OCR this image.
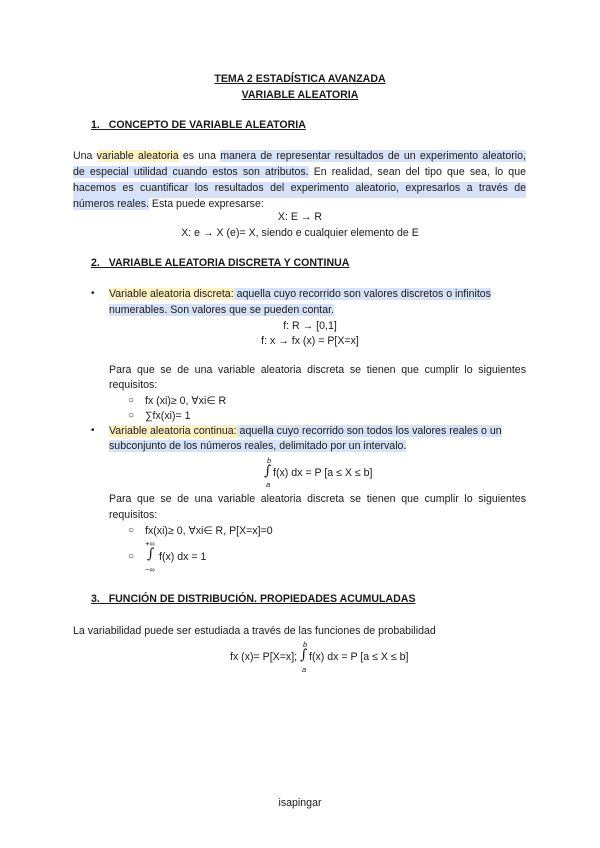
TEMA 2 ESTADÍSTICA AVANZADA
VARIABLE ALEATORIA
1. CONCEPTO DE VARIABLE ALEATORIA
Una variable aleatoria es una manera de representar resultados de un experimento aleatorio,
de especial utilidad cuando estos son atributos. En realidad, sean del tipo que sea, lo que
hacemos es cuantificar los resultados del experimento aleatorio, expresarlos a través de
números reales. Esta puede expresarse:
X: E → R
X: e → X (e)= X, siendo e cualquier elemento de E
2. VARIABLE ALEATORIA DISCRETA Y CONTINUA
• Variable aleatoria discreta: aquella cuyo recorrido son valores discretos o infinitos
numerables. Son valores que se pueden contar.
f: R → [0,1]
f: x → fx (x) = P[X=x]
Para que se de una variable aleatoria discreta se tienen que cumplir lo siguientes
requisitos:
○ fx (xi)≥ 0, ∀xi∈ R
○ ∑fx(xi)= 1
• Variable aleatoria continua: aquella cuyo recorrido son todos los valores reales o un
subconjunto de los números reales, delimitado por un intervalo.
b
∫ f(x) dx = P [a ≤ X ≤ b]
a
Para que se de una variable aleatoria discreta se tienen que cumplir lo siguientes
requisitos:
○ fx(xi)≥ 0, ∀xi∈ R, P[X=x]=0
○
+∞
∫ f(x) dx = 1
−∞
3. FUNCIÓN DE DISTRIBUCIÓN. PROPIEDADES ACUMULADAS
La variabilidad puede ser estudiada a través de las funciones de probabilidad
fx (x)= P[X=x];
b
∫ f(x) dx = P [a ≤ X ≤ b]
a
isapingar
